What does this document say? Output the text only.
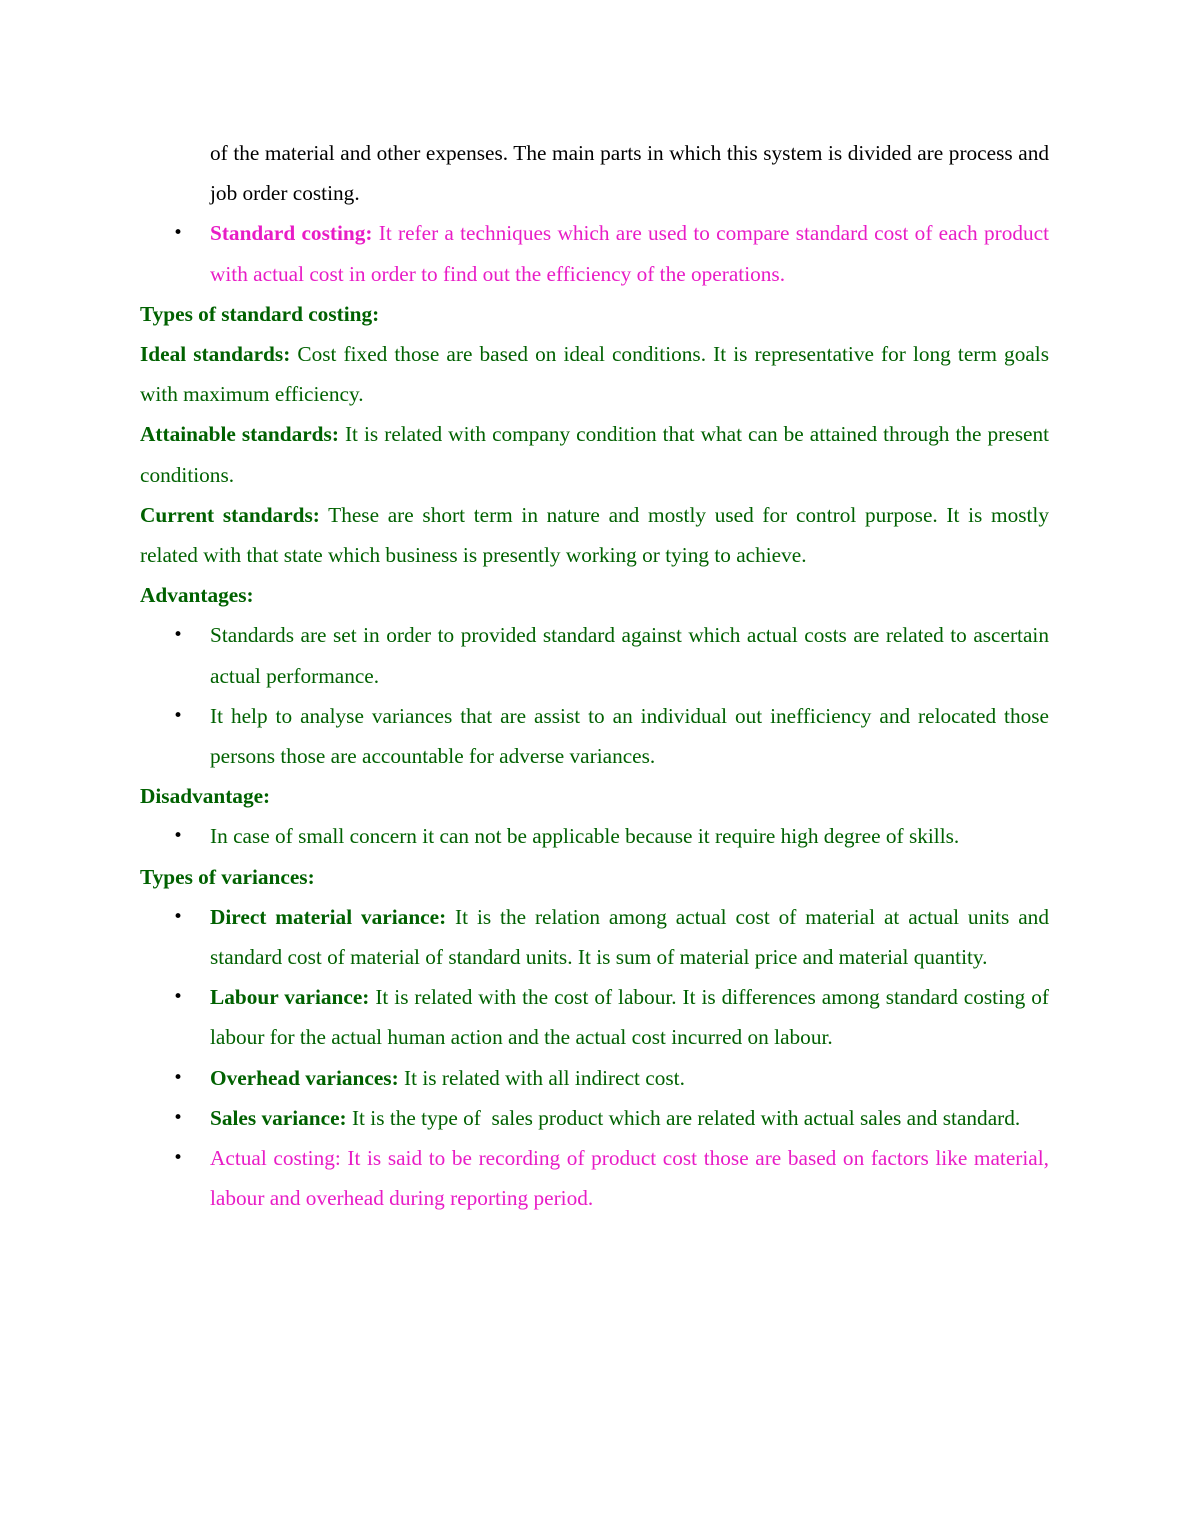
of the material and other expenses. The main parts in which this system is divided are process and job order costing.

•	Standard costing: It refer a techniques which are used to compare standard cost of each product with actual cost in order to find out the efficiency of the operations.

Types of standard costing:

Ideal standards: Cost fixed those are based on ideal conditions. It is representative for long term goals with maximum efficiency.

Attainable standards: It is related with company condition that what can be attained through the present conditions.

Current standards: These are short term in nature and mostly used for control purpose. It is mostly related with that state which business is presently working or tying to achieve.

Advantages:

•	Standards are set in order to provided standard against which actual costs are related to ascertain actual performance.

•	It help to analyse variances that are assist to an individual out inefficiency and relocated those persons those are accountable for adverse variances.

Disadvantage:

•	In case of small concern it can not be applicable because it require high degree of skills.

Types of variances:

•	Direct material variance: It is the relation among actual cost of material at actual units and standard cost of material of standard units. It is sum of material price and material quantity.

•	Labour variance: It is related with the cost of labour. It is differences among standard costing of labour for the actual human action and the actual cost incurred on labour.

•	Overhead variances: It is related with all indirect cost.

•	Sales variance: It is the type of  sales product which are related with actual sales and standard.

•	Actual costing: It is said to be recording of product cost those are based on factors like material, labour and overhead during reporting period.
